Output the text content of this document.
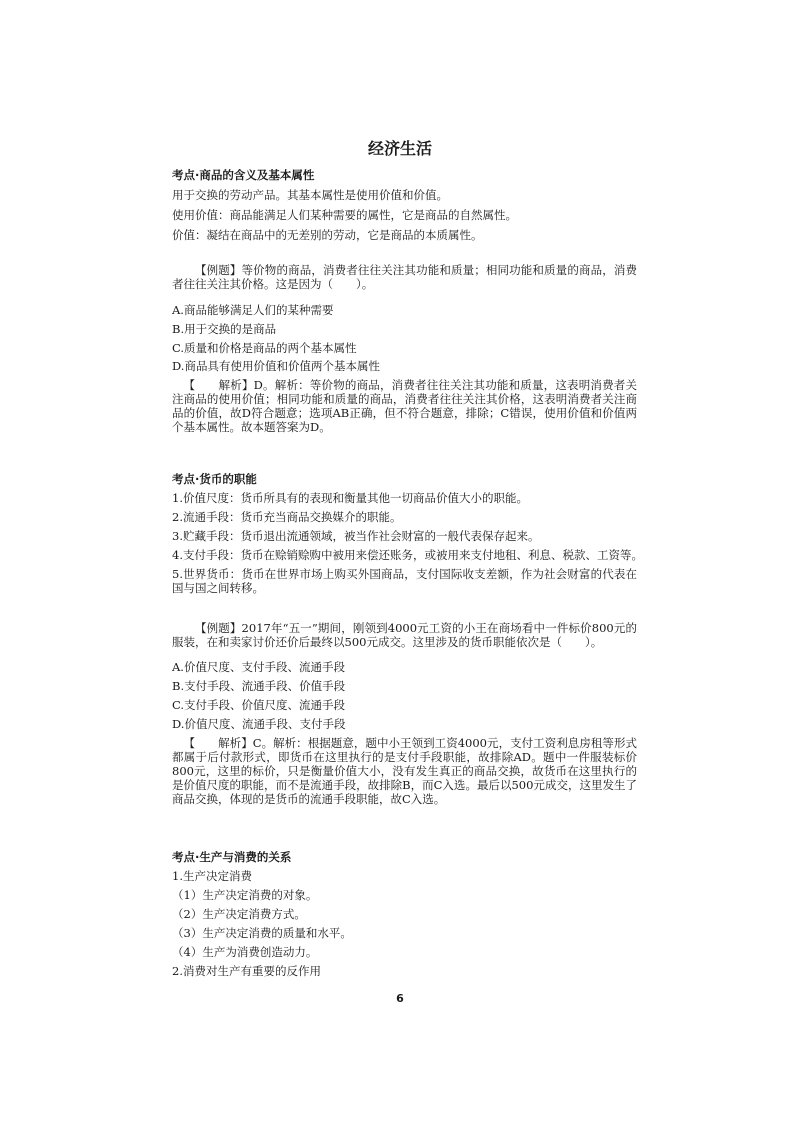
经济生活
考点·商品的含义及基本属性
用于交换的劳动产品。其基本属性是使用价值和价值。
使用价值：商品能满足人们某种需要的属性，它是商品的自然属性。
价值：凝结在商品中的无差别的劳动，它是商品的本质属性。
【例题】等价物的商品，消费者往往关注其功能和质量；相同功能和质量的商品，消费者往往关注其价格。这是因为（　　）。
A.商品能够满足人们的某种需要
B.用于交换的是商品
C.质量和价格是商品的两个基本属性
D.商品具有使用价值和价值两个基本属性
【　　解析】D。解析：等价物的商品，消费者往往关注其功能和质量，这表明消费者关注商品的使用价值；相同功能和质量的商品，消费者往往关注其价格，这表明消费者关注商品的价值，故D符合题意；选项AB正确，但不符合题意，排除；C错误，使用价值和价值两个基本属性。故本题答案为D。
考点·货币的职能
1.价值尺度：货币所具有的表现和衡量其他一切商品价值大小的职能。
2.流通手段：货币充当商品交换媒介的职能。
3.贮藏手段：货币退出流通领域，被当作社会财富的一般代表保存起来。
4.支付手段：货币在赊销赊购中被用来偿还账务，或被用来支付地租、利息、税款、工资等。
5.世界货币：货币在世界市场上购买外国商品，支付国际收支差额，作为社会财富的代表在国与国之间转移。
【例题】2017年“五一”期间，刚领到4000元工资的小王在商场看中一件标价800元的服装，在和卖家讨价还价后最终以500元成交。这里涉及的货币职能依次是（　　）。
A.价值尺度、支付手段、流通手段
B.支付手段、流通手段、价值手段
C.支付手段、价值尺度、流通手段
D.价值尺度、流通手段、支付手段
【　　解析】C。解析：根据题意，题中小王领到工资4000元，支付工资利息房租等形式都属于后付款形式，即货币在这里执行的是支付手段职能，故排除AD。题中一件服装标价800元，这里的标价，只是衡量价值大小，没有发生真正的商品交换，故货币在这里执行的是价值尺度的职能，而不是流通手段，故排除B，而C入选。最后以500元成交，这里发生了商品交换，体现的是货币的流通手段职能，故C入选。
考点·生产与消费的关系
1.生产决定消费
（1）生产决定消费的对象。
（2）生产决定消费方式。
（3）生产决定消费的质量和水平。
（4）生产为消费创造动力。
2.消费对生产有重要的反作用
6
